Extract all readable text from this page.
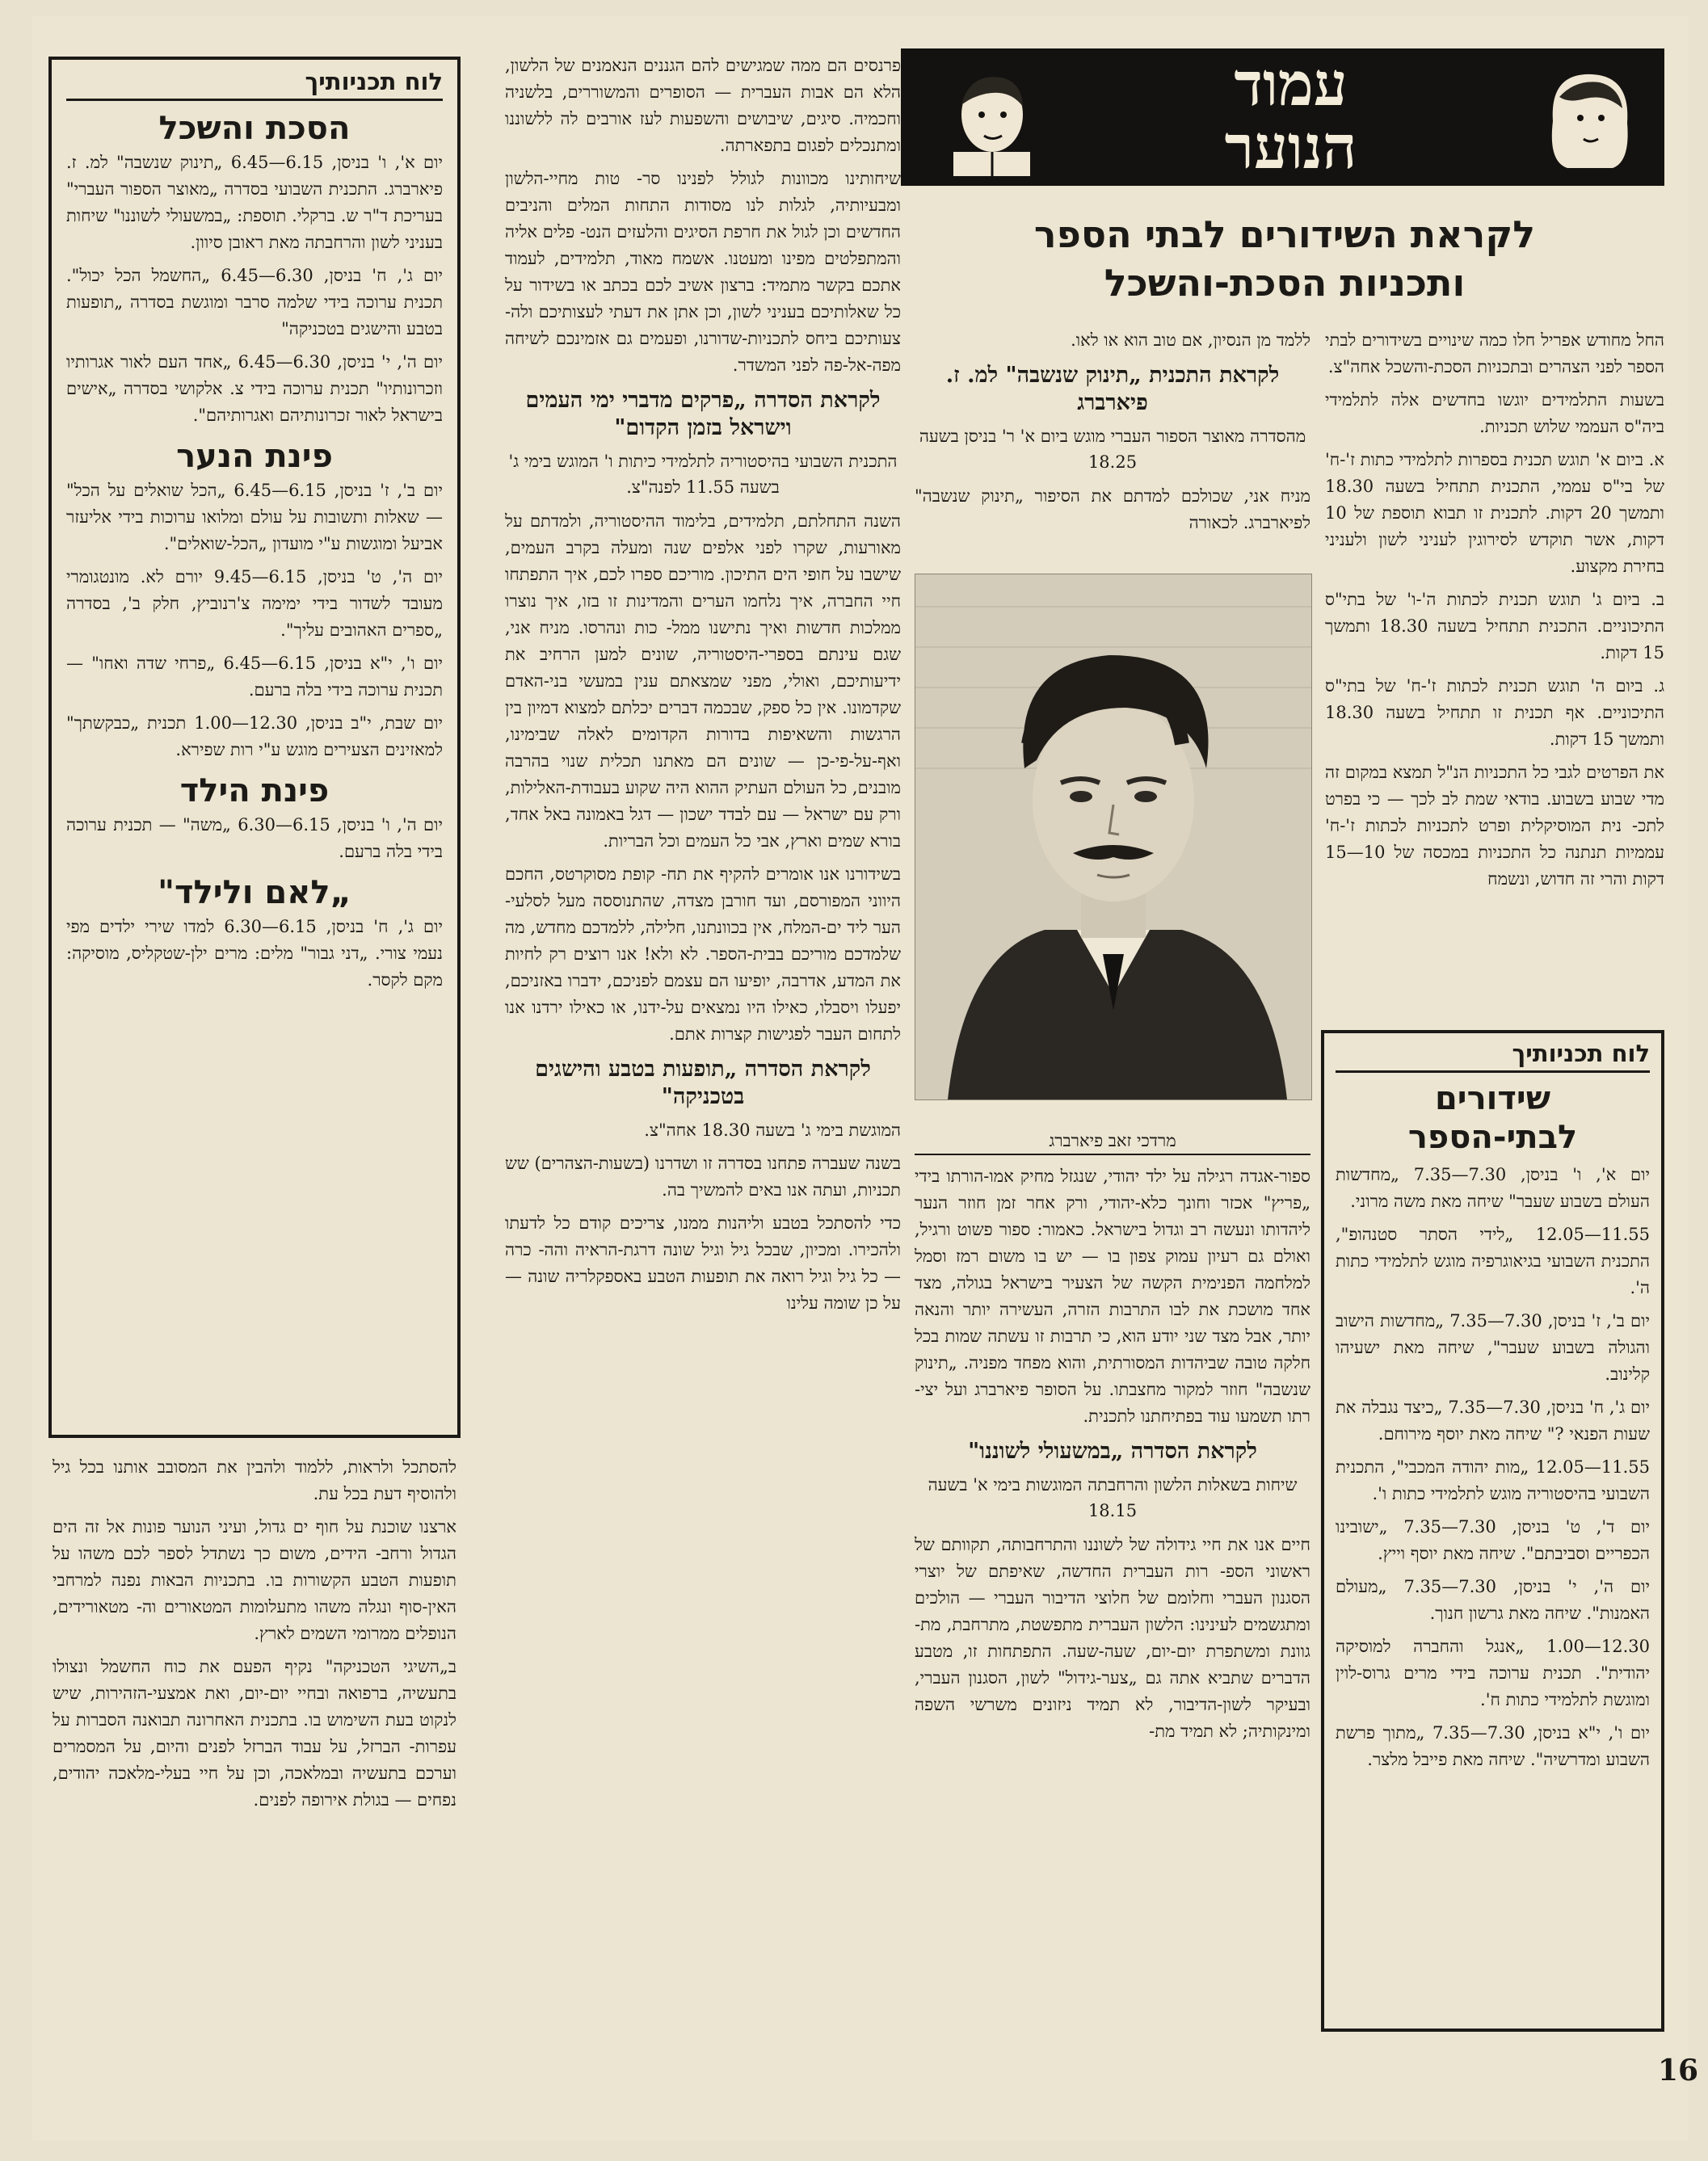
עמוד
הנוער
לקראת השידורים לבתי הספר
ותכניות הסכת-והשכל

החל מחודש אפריל חלו כמה שינויים בשידורים לבתי הספר לפני הצהרים ובתכניות הסכת-והשכל אחה"צ.

בשעות התלמידים יוגשו בחדשים אלה לתלמידי ביה"ס העממי שלוש תכניות.

א. ביום א' תוגש תכנית בספרות לתלמידי כתות ז'-ח' של בי"ס עממי, התכנית תתחיל בשעה 18.30 ותמשך 20 דקות. לתכנית זו תבוא תוספת של 10 דקות, אשר תוקדש לסירוגין לעניני לשון ולעניני בחירת מקצוע.

ב. ביום ג' תוגש תכנית לכתות ה'-ו' של בתי"ס התיכוניים. התכנית תתחיל בשעה 18.30 ותמשך 15 דקות.

ג. ביום ה' תוגש תכנית לכתות ז'-ח' של בתי"ס התיכוניים. אף תכנית זו תתחיל בשעה 18.30 ותמשך 15 דקות.

את הפרטים לגבי כל התכניות הנ"ל תמצא במקום זה מדי שבוע בשבוע. בודאי שמת לב לכך — כי בפרט לתכ- נית המוסיקלית ופרט לתכניות לכתות ז'-ח' עממיות תנתנה כל התכניות במכסה של 10—15 דקות והרי זה חדוש, ונשמח

ללמד מן הנסיון, אם טוב הוא או לאו.

לקראת התכנית „תינוק שנשבה" למ. ז. פיארברג

מהסדרה מאוצר הספור העברי מוגש ביום א' ר' בניסן בשעה 18.25

מניח אני, שכולכם למדתם את הסיפור „תינוק שנשבה" לפיארברג. לכאורה

מרדכי זאב פיארברג

ספור-אגדה רגילה על ילד יהודי, שנגזל מחיק אמו-הורתו בידי „פריץ" אכזר וחונך כלא-יהודי, ורק אחר זמן חוזר הנער ליהדותו ונעשה רב וגדול בישראל. כאמור: ספור פשוט ורגיל, ואולם גם רעיון עמוק צפון בו — יש בו משום רמז וסמל למלחמה הפנימית הקשה של הצעיר בישראל בגולה, מצד אחד מושכת את לבו התרבות הזרה, העשירה יותר והנאה יותר, אבל מצד שני יודע הוא, כי תרבות זו עשתה שמות בכל חלקה טובה שביהדות המסורתית, והוא מפחד מפניה. „תינוק שנשבה" חוזר למקור מחצבתו. על הסופר פיארברג ועל יצי- רתו תשמעו עוד בפתיחתנו לתכנית.

לקראת הסדרה „במשעולי לשוננו"

שיחות בשאלות הלשון והרחבתה המוגשות בימי א' בשעה 18.15

חיים אנו את חיי גידולה של לשוננו והתרחבותה, תקוותם של ראשוני הספ- רות העברית החדשה, שאיפתם של יוצרי הסגנון העברי וחלומם של חלוצי הדיבור העברי — הולכים ומתגשמים לעינינו: הלשון העברית מתפשטת, מתרחבת, מת- גוונת ומשתפרת יום-יום, שעה-שעה. התפתחות זו, מטבע הדברים שתביא אתה גם „צער-גידול" לשון, הסגנון העברי, ובעיקר לשון-הדיבור, לא תמיד ניזונים משרשי השפה ומינקותיה; לא תמיד מת-

פרנסים הם ממה שמגישים להם הגננים הנאמנים של הלשון, הלא הם אבות העברית — הסופרים והמשוררים, בלשניה וחכמיה. סיגים, שיבושים והשפעות לעז אורבים לה ללשוננו ומתנכלים לפגום בתפארתה.

שיחותינו מכוונות לגולל לפנינו סר- טות מחיי-הלשון ומבעיותיה, לגלות לנו מסודות התחות המלים והניבים החדשים וכן לגול את חרפת הסיגים והלעזים הנט- פלים אליה והמתפלטים מפינו ומעטנו. אשמח מאוד, תלמידים, לעמוד אתכם בקשר מתמיד: ברצון אשיב לכם בכתב או בשידור על כל שאלותיכם בעניני לשון, וכן אתן את דעתי לעצותיכם ולה- צעותיכם ביחס לתכניות-שדורנו, ופעמים גם אזמינכם לשיחה מפה-אל-פה לפני המשדר.

לקראת הסדרה „פרקים מדברי ימי העמים וישראל בזמן הקדום"

התכנית השבועי בהיסטוריה לתלמידי כיתות ו' המוגש בימי ג' בשעה 11.55 לפנה"צ.

השנה התחלתם, תלמידים, בלימוד ההיסטוריה, ולמדתם על מאורעות, שקרו לפני אלפים שנה ומעלה בקרב העמים, שישבו על חופי הים התיכון. מוריכם ספרו לכם, איך התפתחו חיי החברה, איך נלחמו הערים והמדינות זו בזו, איך נוצרו ממלכות חדשות ואיך נתישנו ממל- כות ונהרסו. מניח אני, שגם עינתם בספרי-היסטוריה, שונים למען הרחיב את ידיעותיכם, ואולי, מפני שמצאתם ענין במעשי בני-האדם שקדמונו. אין כל ספק, שבכמה דברים יכלתם למצוא דמיון בין הרגשות והשאיפות בדורות הקדומים לאלה שבימינו, ואף-על-פי-כן — שונים הם מאתנו תכלית שנוי בהרבה מובנים, כל העולם העתיק ההוא היה שקוע בעבודת-האלילות, ורק עם ישראל — עם לבדד ישכון — דגל באמונה באל אחד, בורא שמים וארץ, אבי כל העמים וכל הבריות.

בשידורנו אנו אומרים להקיף את תח- קופת מסוקרטס, החכם היווני המפורסם, ועד חורבן מצדה, שהתנוססה מעל לסלעי- הער ליד ים-המלח, אין בכוונתנו, חלילה, ללמדכם מחדש, מה שלמדכם מוריכם בבית-הספר. לא ולא! אנו רוצים רק לחיות את המדע, אדרבה, יופיעו הם עצמם לפניכם, ידברו באזניכם, יפעלו ויסבלו, כאילו היו נמצאים על-ידנו, או כאילו ירדנו אנו לתחום העבר לפגישות קצרות אתם.

לקראת הסדרה „תופעות בטבע והישגים בטכניקה"

המוגשת בימי ג' בשעה 18.30 אחה"צ.

בשנה שעברה פתחנו בסדרה זו ושדרנו (בשעות-הצהרים) שש תכניות, ועתה אנו באים להמשיך בה.

כדי להסתכל בטבע וליהנות ממנו, צריכים קודם כל לדעתו ולהכירו. ומכיון, שבכל גיל וגיל שונה דרגת-הראיה והה- כרה — כל גיל וגיל רואה את תופעות הטבע באספקלריה שונה — על כן שומה עלינו

לוח תכניותיך
הסכת והשכל

יום א', ו' בניסן, 6.15—6.45 „תינוק שנשבה" למ. ז. פיארברג. התכנית השבועי בסדרה „מאוצר הספור העברי" בעריכת ד"ר ש. ברקלי. תוספת: „במשעולי לשוננו" שיחות בעניני לשון והרחבתה מאת ראובן סיוון.

יום ג', ח' בניסן, 6.30—6.45 „החשמל הכל יכול". תכנית ערוכה בידי שלמה סרבר ומוגשת בסדרה „תופעות בטבע והישגים בטכניקה"

יום ה', י' בניסן, 6.30—6.45 „אחד העם לאור אגרותיו וזכרונותיו" תכנית ערוכה בידי צ. אלקושי בסדרה „אישים בישראל לאור זכרונותיהם ואגרותיהם".

פינת הנער

יום ב', ז' בניסן, 6.15—6.45 „הכל שואלים על הכל" — שאלות ותשובות על עולם ומלואו ערוכות בידי אליעזר אביעל ומוגשות ע"י מועדון „הכל-שואלים".

יום ה', ט' בניסן, 6.15—9.45 יורם לא. מונטגומרי מעובד לשדור בידי ימימה צ'רנוביץ, חלק ב', בסדרה „ספרים האהובים עליך".

יום ו', י"א בניסן, 6.15—6.45 „פרחי שדה ואחו" — תכנית ערוכה בידי בלה ברעם.

יום שבת, י"ב בניסן, 12.30—1.00 תכנית „כבקשתך" למאזינים הצעירים מוגש ע"י רות שפירא.

פינת הילד

יום ה', ו' בניסן, 6.15—6.30 „משה" — תכנית ערוכה בידי בלה ברעם.

„לאם ולילד"

יום ג', ח' בניסן, 6.15—6.30 למדו שירי ילדים מפי נעמי צורי. „דני גבור" מלים: מרים ילן-שטקליס, מוסיקה: מקם לקסר.

להסתכל ולראות, ללמוד ולהבין את המסובב אותנו בכל גיל ולהוסיף דעת בכל עת.

ארצנו שוכנת על חוף ים גדול, ועיני הנוער פונות אל זה הים הגדול ורחב- הידים, משום כך נשתדל לספר לכם משהו על תופעות הטבע הקשורות בו. בתכניות הבאות נפנה למרחבי האין-סוף ונגלה משהו מתעלומות המטאורים וה- מטאורידים, הנופלים ממרומי השמים לארץ.

ב„השיגי הטכניקה" נקיף הפעם את כוח החשמל ונצולו בתעשיה, ברפואה ובחיי יום-יום, ואת אמצעי-הזהירות, שיש לנקוט בעת השימוש בו. בתכנית האחרונה תבואנה הסברות על עפרות- הברזל, על עבוד הברזל לפנים והיום, על המסמרים וערכם בתעשיה ובמלאכה, וכן על חיי בעלי-מלאכה יהודים, נפחים — בגולת אירופה לפנים.

לוח תכניותיך
שידורים
לבתי-הספר

יום א', ו' בניסן, 7.30—7.35 „מחדשות העולם בשבוע שעבר" שיחה מאת משה מרוני.

11.55—12.05 „לידי הסתר סטנהופ", התכנית השבועי בגיאוגרפיה מוגש לתלמידי כתות ה'.

יום ב', ז' בניסן, 7.30—7.35 „מחדשות הישוב והגולה בשבוע שעבר", שיחה מאת ישעיהו קלינוב.

יום ג', ח' בניסן, 7.30—7.35 „כיצד נגבלה את שעות הפנאי ?" שיחה מאת יוסף מירוחם.

11.55—12.05 „מות יהודה המכבי", התכנית השבועי בהיסטוריה מוגש לתלמידי כתות ו'.

יום ד', ט' בניסן, 7.30—7.35 „ישובינו הכפריים וסביבתם". שיחה מאת יוסף וייץ.

יום ה', י' בניסן, 7.30—7.35 „מעולם האמנות". שיחה מאת גרשון חנוך.

12.30—1.00 „אנגל והחברה למוסיקה יהודית". תכנית ערוכה בידי מרים גרוס-לוין ומוגשת לתלמידי כתות ח'.

יום ו', י"א בניסן, 7.30—7.35 „מתוך פרשת השבוע ומדרשיה". שיחה מאת פייבל מלצר.

16
